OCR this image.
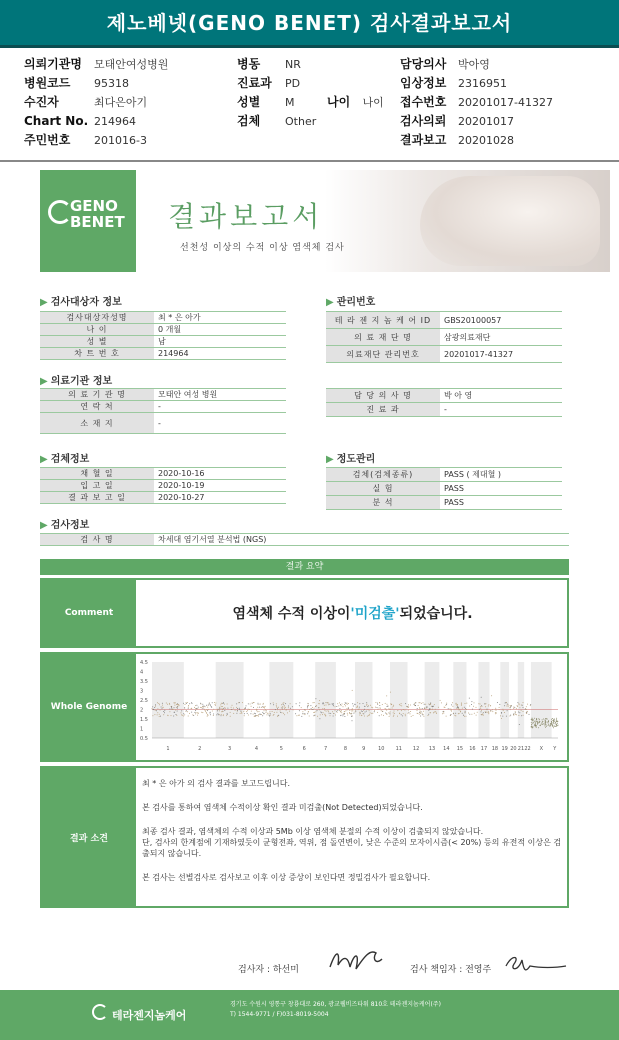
제노베넷(GENO BENET) 검사결과보고서
의뢰기관명 모태안여성병원
병원코드 95318
수진자	최다은아기
Chart No. 214964
주민번호 201016-3
병동 NR
진료과 PD
성별 M
검체 Other
나이 나이
담당의사 박아영
임상정보 2316951
접수번호 20201017-41327
검사의뢰 20201017
결과보고 20201028
GENO
BENET 결과보고서
선천성 이상의 수적 이상 염색체 검사
▶ 검사대상자 정보	▶ 관리번호
▶ 의료기관 정보
▶ 검체정보	▶ 정도관리
▶ 검사정보
검사대상자성명	최 * 은 아가
나 이	0 개월
성 별	남
차 트 번 호	214964
테 라 젠 지 놈 케 어 ID	GBS20100057
의 료 재 단 명	삼광의료재단
의료재단 관리번호	20201017-41327
의 료 기 관 명	모태안 여성 병원
연 락 처	-
소 재 지	-
담 당 의 사 명	박 아 영
진 료 과	-
채 혈 일	2020-10-16
입 고 일	2020-10-19
결 과 보 고 일	2020-10-27
검체(검체종류)	PASS ( 제대혈 )
실 험	PASS
분 석	PASS
검 사 명	차세대 염기서열 분석법 (NGS)
결과 요약
Comment	염색체 수적 이상이 '미검출' 되었습니다.
Whole Genome
1	2	3	4	5	6	7	8	9	10 11 12 13 14 15 16 17 18 19 20 21 22 X Y
4.5
4
3.5
3
2.5
2
1.5
1
0.5
결과 소견

최 * 은 아가 의 검사 결과를 보고드립니다.

본 검사를 통하여 염색체 수적이상 확인 결과 미검출(Not Detected)되었습니다.

최종 검사 결과, 염색체의 수적 이상과 5Mb 이상 염색체 분절의 수적 이상이 검출되지 않았습니다.

단, 검사의 한계점에 기재하였듯이 균형전좌, 역위, 점 돌연변이, 낮은 수준의 모자이시즘(< 20%) 등의 유전적 이상은 검출되지 않습니다.

본 검사는 선별검사로 검사보고 이후 이상 증상이 보인다면 정밀검사가 필요합니다.

검사자 : 하선미	검사 책임자 : 전영주
테라젠지놈케어
경기도 수원시 영통구 창룡대로 260, 광교웰비즈타워 810호 테라젠지놈케어(주)
T) 1544-9771 / F)031-8019-5004
